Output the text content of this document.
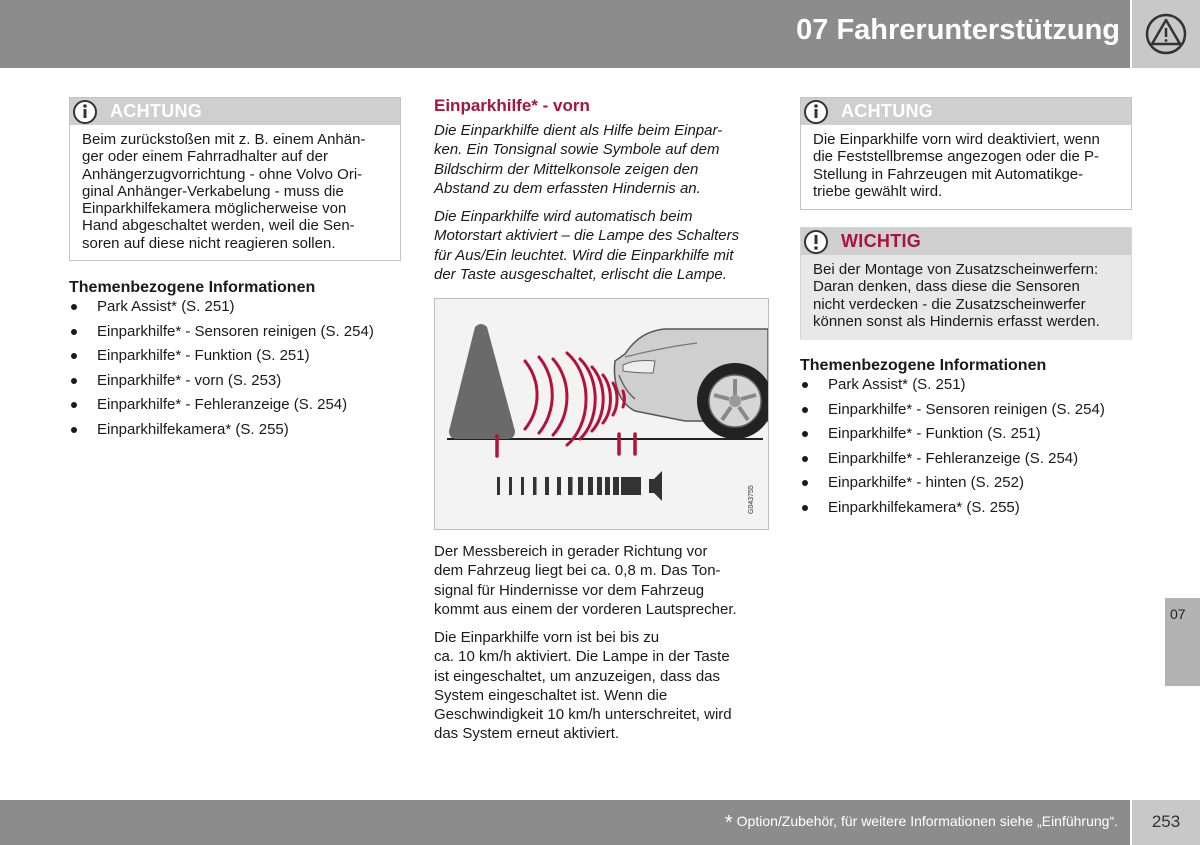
07 Fahrerunterstützung
ACHTUNG
Beim zurückstoßen mit z. B. einem Anhän-
ger oder einem Fahrradhalter auf der
Anhängerzugvorrichtung - ohne Volvo Ori-
ginal Anhänger-Verkabelung - muss die
Einparkhilfekamera möglicherweise von
Hand abgeschaltet werden, weil die Sen-
soren auf diese nicht reagieren sollen.
Themenbezogene Informationen
Park Assist* (S. 251)
Einparkhilfe* - Sensoren reinigen (S. 254)
Einparkhilfe* - Funktion (S. 251)
Einparkhilfe* - vorn (S. 253)
Einparkhilfe* - Fehleranzeige (S. 254)
Einparkhilfekamera* (S. 255)
Einparkhilfe* - vorn
Die Einparkhilfe dient als Hilfe beim Einpar-
ken. Ein Tonsignal sowie Symbole auf dem
Bildschirm der Mittelkonsole zeigen den
Abstand zu dem erfassten Hindernis an.
Die Einparkhilfe wird automatisch beim
Motorstart aktiviert – die Lampe des Schalters
für Aus/Ein leuchtet. Wird die Einparkhilfe mit
der Taste ausgeschaltet, erlischt die Lampe.
G043755
Der Messbereich in gerader Richtung vor
dem Fahrzeug liegt bei ca. 0,8 m. Das Ton-
signal für Hindernisse vor dem Fahrzeug
kommt aus einem der vorderen Lautsprecher.
Die Einparkhilfe vorn ist bei bis zu
ca. 10 km/h aktiviert. Die Lampe in der Taste
ist eingeschaltet, um anzuzeigen, dass das
System eingeschaltet ist. Wenn die
Geschwindigkeit 10 km/h unterschreitet, wird
das System erneut aktiviert.
ACHTUNG
Die Einparkhilfe vorn wird deaktiviert, wenn
die Feststellbremse angezogen oder die P-
Stellung in Fahrzeugen mit Automatikge-
triebe gewählt wird.
WICHTIG
Bei der Montage von Zusatzscheinwerfern:
Daran denken, dass diese die Sensoren
nicht verdecken - die Zusatzscheinwerfer
können sonst als Hindernis erfasst werden.
Themenbezogene Informationen
Park Assist* (S. 251)
Einparkhilfe* - Sensoren reinigen (S. 254)
Einparkhilfe* - Funktion (S. 251)
Einparkhilfe* - Fehleranzeige (S. 254)
Einparkhilfe* - hinten (S. 252)
Einparkhilfekamera* (S. 255)
07
* Option/Zubehör, für weitere Informationen siehe „Einführung“.	253
